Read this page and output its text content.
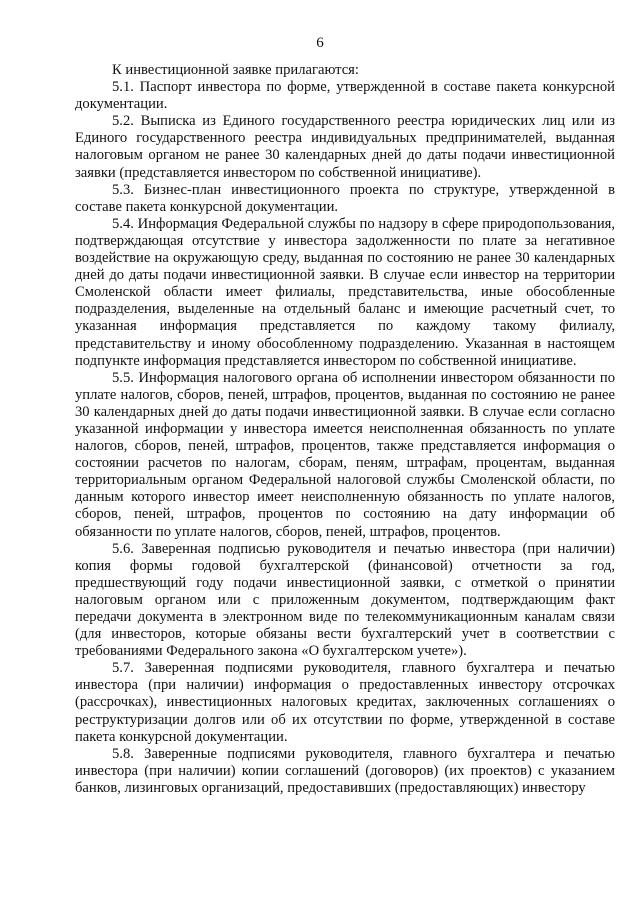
6

К инвестиционной заявке прилагаются:

5.1. Паспорт инвестора по форме, утвержденной в составе пакета конкурсной документации.

5.2. Выписка из Единого государственного реестра юридических лиц или из Единого государственного реестра индивидуальных предпринимателей, выданная налоговым органом не ранее 30 календарных дней до даты подачи инвестиционной заявки (представляется инвестором по собственной инициативе).

5.3. Бизнес-план инвестиционного проекта по структуре, утвержденной в составе пакета конкурсной документации.

5.4. Информация Федеральной службы по надзору в сфере природопользования, подтверждающая отсутствие у инвестора задолженности по плате за негативное воздействие на окружающую среду, выданная по состоянию не ранее 30 календарных дней до даты подачи инвестиционной заявки. В случае если инвестор на территории Смоленской области имеет филиалы, представительства, иные обособленные подразделения, выделенные на отдельный баланс и имеющие расчетный счет, то указанная информация представляется по каждому такому филиалу, представительству и иному обособленному подразделению. Указанная в настоящем подпункте информация представляется инвестором по собственной инициативе.

5.5. Информация налогового органа об исполнении инвестором обязанности по уплате налогов, сборов, пеней, штрафов, процентов, выданная по состоянию не ранее 30 календарных дней до даты подачи инвестиционной заявки. В случае если согласно указанной информации у инвестора имеется неисполненная обязанность по уплате налогов, сборов, пеней, штрафов, процентов, также представляется информация о состоянии расчетов по налогам, сборам, пеням, штрафам, процентам, выданная территориальным органом Федеральной налоговой службы Смоленской области, по данным которого инвестор имеет неисполненную обязанность по уплате налогов, сборов, пеней, штрафов, процентов по состоянию на дату информации об обязанности по уплате налогов, сборов, пеней, штрафов, процентов.

5.6. Заверенная подписью руководителя и печатью инвестора (при наличии) копия формы годовой бухгалтерской (финансовой) отчетности за год, предшествующий году подачи инвестиционной заявки, с отметкой о принятии налоговым органом или с приложенным документом, подтверждающим факт передачи документа в электронном виде по телекоммуникационным каналам связи (для инвесторов, которые обязаны вести бухгалтерский учет в соответствии с требованиями Федерального закона «О бухгалтерском учете»).

5.7. Заверенная подписями руководителя, главного бухгалтера и печатью инвестора (при наличии) информация о предоставленных инвестору отсрочках (рассрочках), инвестиционных налоговых кредитах, заключенных соглашениях о реструктуризации долгов или об их отсутствии по форме, утвержденной в составе пакета конкурсной документации.

5.8. Заверенные подписями руководителя, главного бухгалтера и печатью инвестора (при наличии) копии соглашений (договоров) (их проектов) с указанием банков, лизинговых организаций, предоставивших (предоставляющих) инвестору
